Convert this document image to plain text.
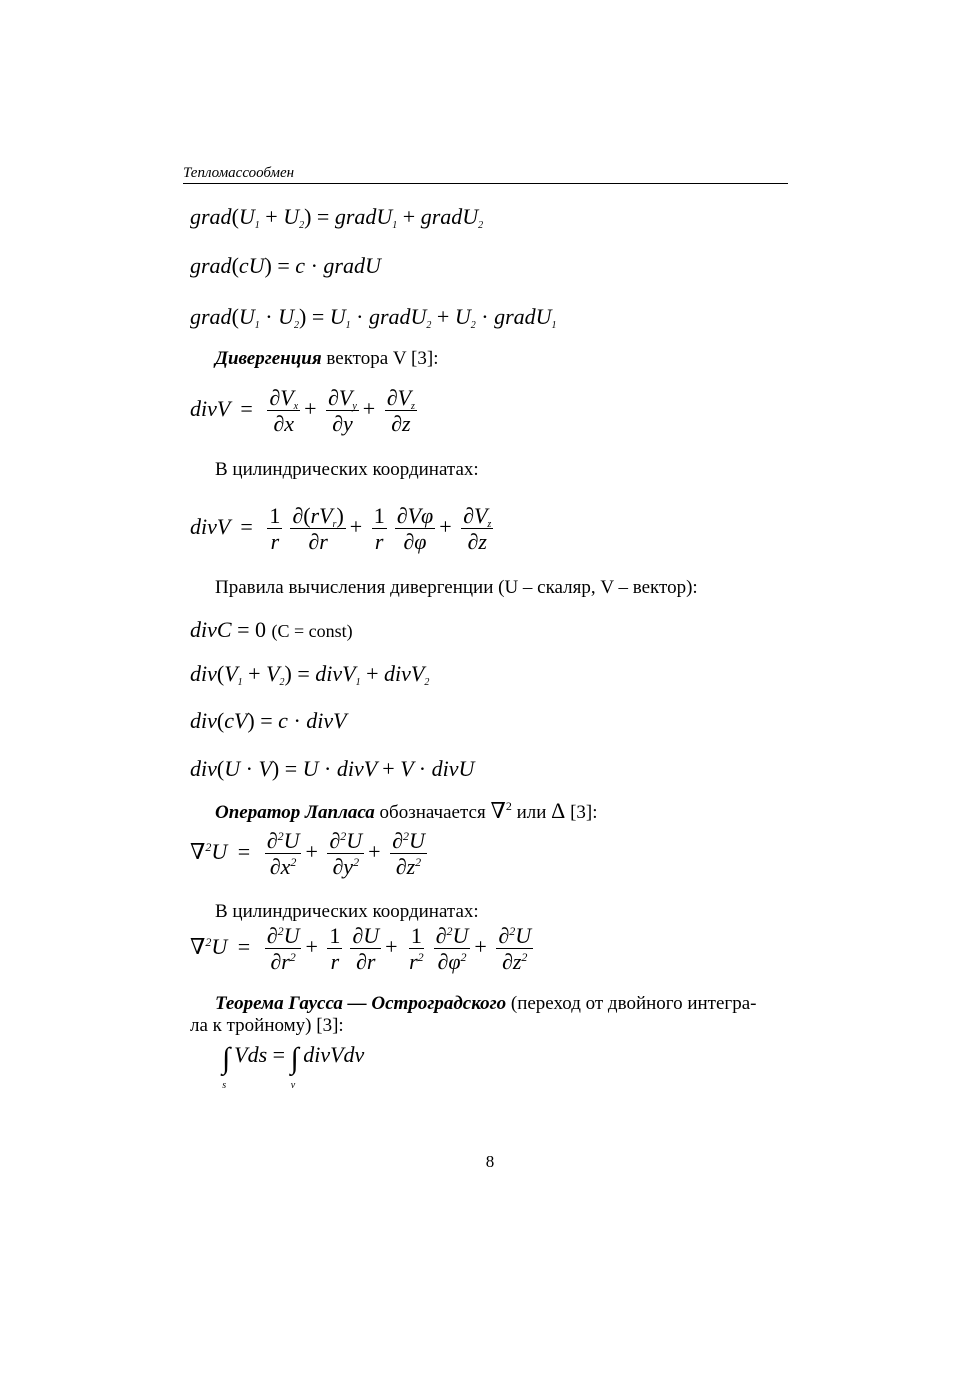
Тепломассообмен
$grad(U_1 + U_2)$ = gradU$_1$ + gradU$_2$
grad(cU) = c · gradU
$grad(U_1 \cdot U_2) = U_1$ · gradU$_2$ + $U_2$ · gradU$_1$
Дивергенция вектора V [3]:
divV = $\frac{\partial V_x}{\partial x} + \frac{\partial V_y}{\partial y} + \frac{\partial V_z}{\partial z}$
В цилиндрических координатах:
divV = $\frac{1}{r} \partial(rV_r)$
∂r
+ $\frac{1}{r} \frac{\partial V\varphi}{\partial\varphi} + \frac{\partial V_z}{\partial z}$
Правила вычисления дивергенции (U – скаляр, V – вектор):
divC = 0 (C = const)
$div(V_1 + V_2)$ = divV$_1$ + divV$_2$
div(cV) = c · divV
div(U · V) = U · divV + V · divU
Оператор Лапласа обозначается ∇$^2$ или Δ [3]:
$\nabla^2U = \frac{\partial^2U}{\partial x^2} + \frac{\partial^2U}{\partial y^2} + \frac{\partial^2U}{\partial z^2}$
В цилиндрических координатах:
$\nabla^2U = \frac{\partial^2U}{\partial r^2} + \frac{1}{r} \frac{\partial U}{\partial r} + \frac{1}{r^2} \frac{\partial^2U}{\partial\varphi^2} + \frac{\partial^2U}{\partial z^2}$
Теорема Гаусса — Остроградского (переход от двойного интегра-
ла к тройному) [3]:
$\int_sVds$ = $\int_vdivVdv$
8
